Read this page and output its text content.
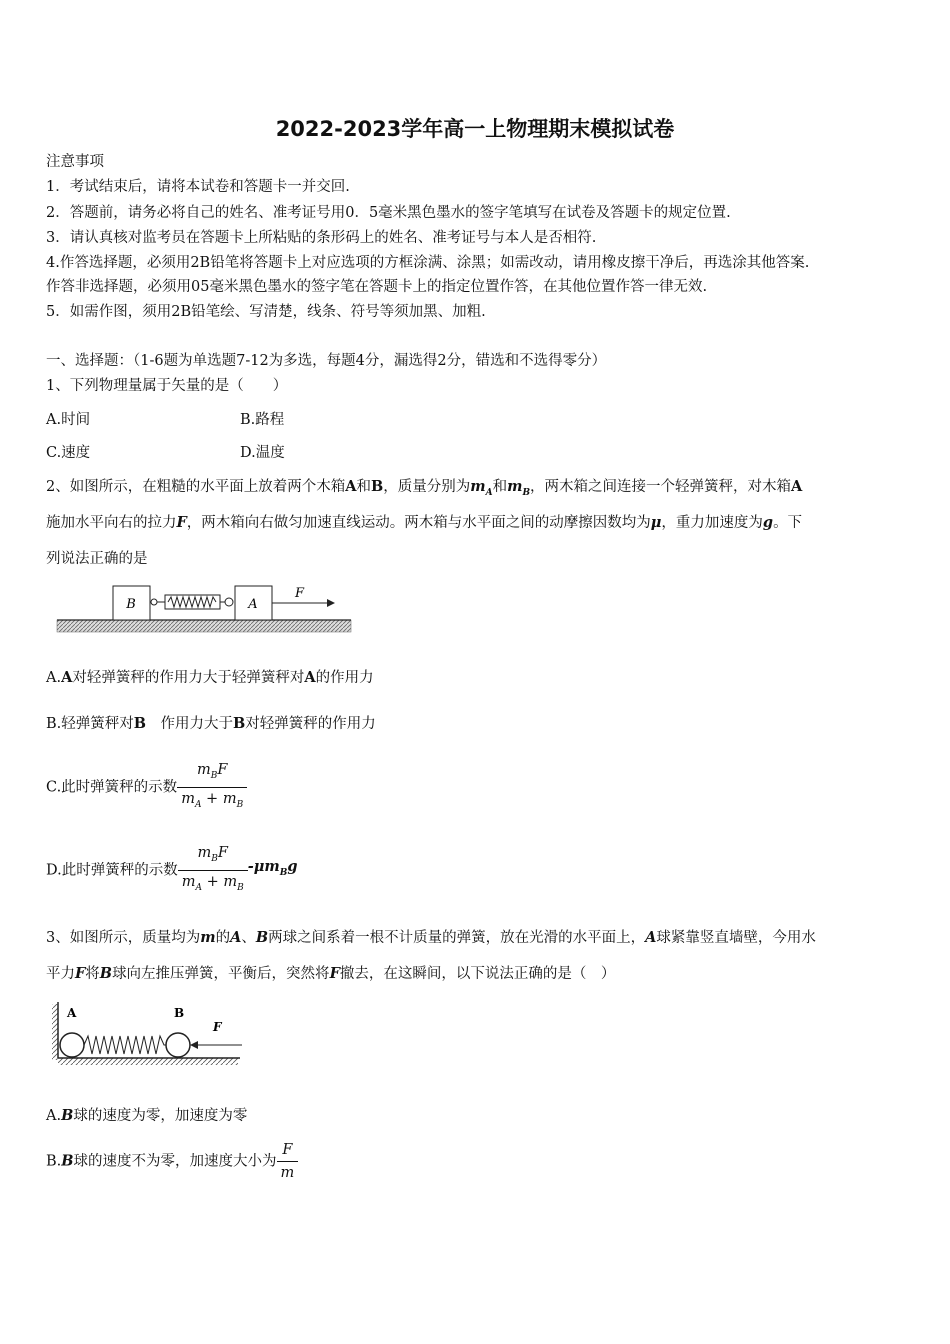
2022-2023学年高一上物理期末模拟试卷
注意事项
1．考试结束后，请将本试卷和答题卡一并交回.
2．答题前，请务必将自己的姓名、准考证号用0．5毫米黑色墨水的签字笔填写在试卷及答题卡的规定位置.
3．请认真核对监考员在答题卡上所粘贴的条形码上的姓名、准考证号与本人是否相符.
4.作答选择题，必须用2B铅笔将答题卡上对应选项的方框涂满、涂黑；如需改动，请用橡皮擦干净后，再选涂其他答案.
作答非选择题，必须用05毫米黑色墨水的签字笔在答题卡上的指定位置作答，在其他位置作答一律无效.
5．如需作图，须用2B铅笔绘、写清楚，线条、符号等须加黑、加粗.
一、选择题：（1-6题为单选题7-12为多选，每题4分，漏选得2分，错选和不选得零分）
1、下列物理量属于矢量的是（　　）
A.时间	B.路程
C.速度	D.温度
2、如图所示，在粗糙的水平面上放着两个木箱A和B，质量分别为$m_A$和$m_B$，两木箱之间连接一个轻弹簧秤，对木箱A
施加水平向右的拉力F，两木箱向右做匀加速直线运动。两木箱与水平面之间的动摩擦因数均为μ，重力加速度为g。下
列说法正确的是
B	A
F
A.A对轻弹簧秤的作用力大于轻弹簧秤对A的作用力
B.轻弹簧秤对B　作用力大于B对轻弹簧秤的作用力
C.此时弹簧秤的示数 $\frac{m_BF}{m_A + m_B}$
D.此时弹簧秤的示数 $\frac{m_BF}{m_A + m_B} -\mu m_Bg$
3、如图所示，质量均为m的A、B两球之间系着一根不计质量的弹簧，放在光滑的水平面上，A球紧靠竖直墙壁，今用水
平力F将B球向左推压弹簧，平衡后，突然将F撤去，在这瞬间，以下说法正确的是（　）
A	B
F
A.B球的速度为零，加速度为零
B.B球的速度不为零，加速度大小为 $\frac{F}{m}$
